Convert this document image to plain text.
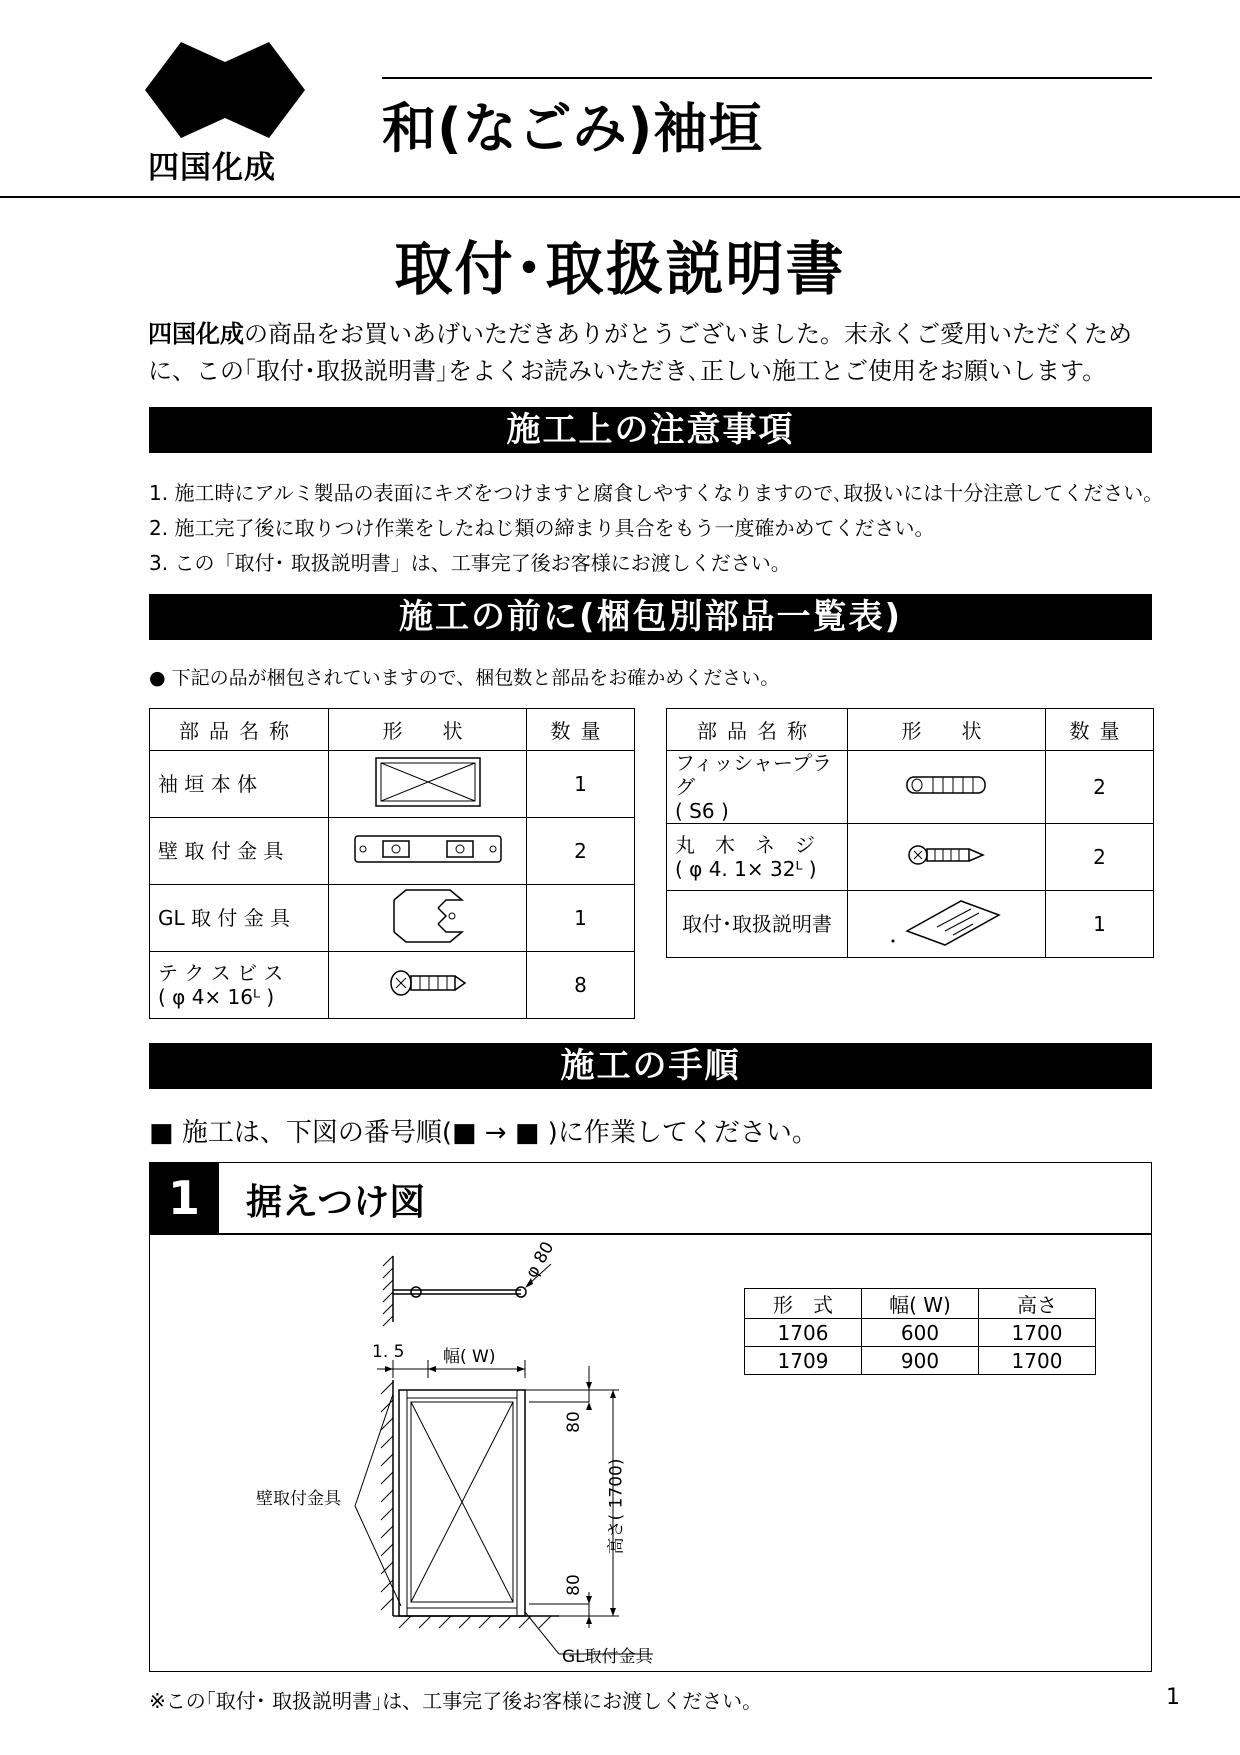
四国化成
和(なごみ)袖垣
取付･取扱説明書
四国化成の商品をお買いあげいただきありがとうございました。末永くご愛用いただくために、この｢取付･取扱説明書｣をよくお読みいただき､正しい施工とご使用をお願いします。
施工上の注意事項
1. 施工時にアルミ製品の表面にキズをつけますと腐食しやすくなりますので､取扱いには十分注意してください｡
2. 施工完了後に取りつけ作業をしたねじ類の締まり具合をもう一度確かめてください。
3. この「取付･ 取扱説明書」は、工事完了後お客様にお渡しください。
施工の前に(梱包別部品一覧表)
● 下記の品が梱包されていますので、梱包数と部品をお確かめください。
部品名称	形　状	数量
袖 垣 本 体		1
壁 取 付 金 具		2
GL 取 付 金 具		1

テ ク ス ビ ス
( φ 4× 16ᴸ )		8
部品名称	形　状	数量

フィッシャープラグ
( S6 )		2

丸　木　ネ　ジ
( φ 4. 1× 32ᴸ )		2
取付･取扱説明書		1
施工の手順
■ 施工は、下図の番号順(■ → ■ )に作業してください。
1	据えつけ図
φ 80
1. 5 幅( W)
壁取付金具
80
80
高さ( 1700)
GL取付金具
形　式	幅( W)	高さ
1706	600	1700
1709	900	1700
※この｢取付･ 取扱説明書｣は、工事完了後お客様にお渡しください。	1
